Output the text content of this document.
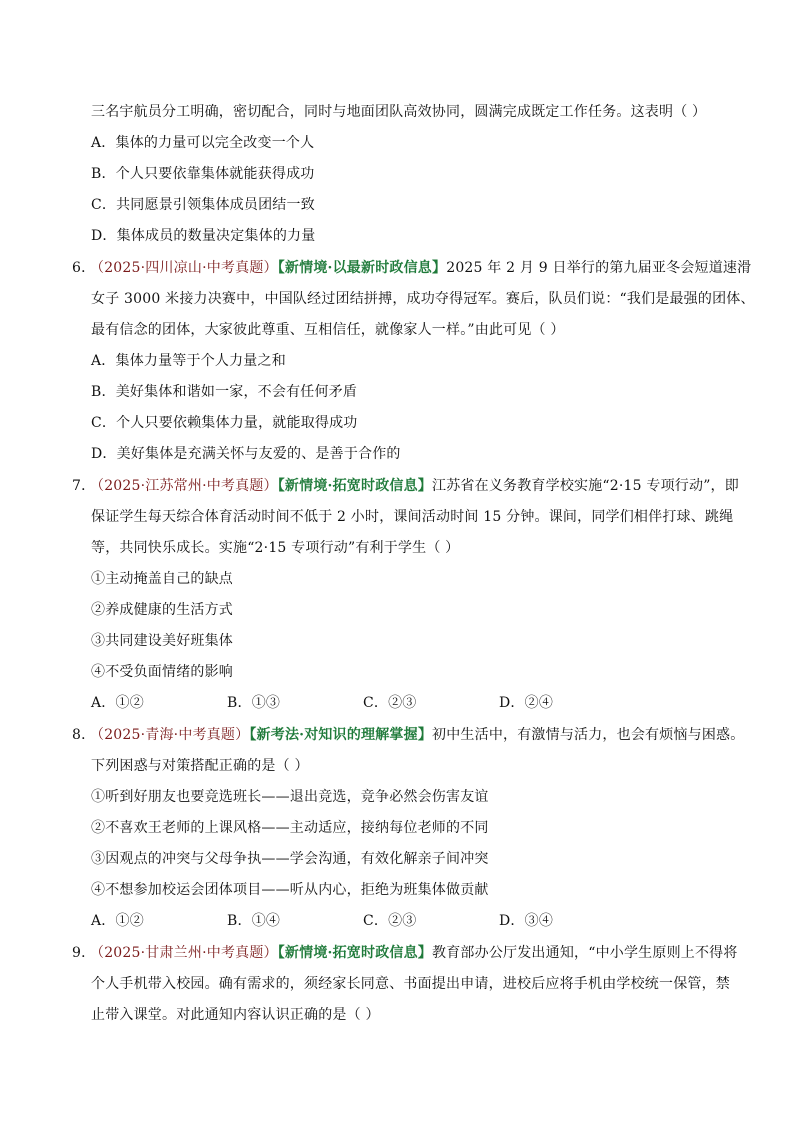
三名宇航员分工明确，密切配合，同时与地面团队高效协同，圆满完成既定工作任务。这表明（ ）
A．集体的力量可以完全改变一个人
B．个人只要依靠集体就能获得成功
C．共同愿景引领集体成员团结一致
D．集体成员的数量决定集体的力量
6．（2025·四川凉山·中考真题）【新情境·以最新时政信息】2025 年 2 月 9 日举行的第九届亚冬会短道速滑
女子 3000 米接力决赛中，中国队经过团结拼搏，成功夺得冠军。赛后，队员们说：“我们是最强的团体、
最有信念的团体，大家彼此尊重、互相信任，就像家人一样。”由此可见（ ）
A．集体力量等于个人力量之和
B．美好集体和谐如一家，不会有任何矛盾
C．个人只要依赖集体力量，就能取得成功
D．美好集体是充满关怀与友爱的、是善于合作的
7．（2025·江苏常州·中考真题）【新情境·拓宽时政信息】江苏省在义务教育学校实施“2·15 专项行动”，即
保证学生每天综合体育活动时间不低于 2 小时，课间活动时间 15 分钟。课间，同学们相伴打球、跳绳
等，共同快乐成长。实施“2·15 专项行动”有利于学生（ ）
①主动掩盖自己的缺点
②养成健康的生活方式
③共同建设美好班集体
④不受负面情绪的影响
A．①②	B．①③	C．②③	D．②④
8．（2025·青海·中考真题）【新考法·对知识的理解掌握】初中生活中，有激情与活力，也会有烦恼与困惑。
下列困惑与对策搭配正确的是（ ）
①听到好朋友也要竞选班长——退出竞选，竞争必然会伤害友谊
②不喜欢王老师的上课风格——主动适应，接纳每位老师的不同
③因观点的冲突与父母争执——学会沟通，有效化解亲子间冲突
④不想参加校运会团体项目——听从内心，拒绝为班集体做贡献
A．①②	B．①④	C．②③	D．③④
9．（2025·甘肃兰州·中考真题）【新情境·拓宽时政信息】教育部办公厅发出通知，“中小学生原则上不得将
个人手机带入校园。确有需求的，须经家长同意、书面提出申请，进校后应将手机由学校统一保管，禁
止带入课堂。对此通知内容认识正确的是（ ）
